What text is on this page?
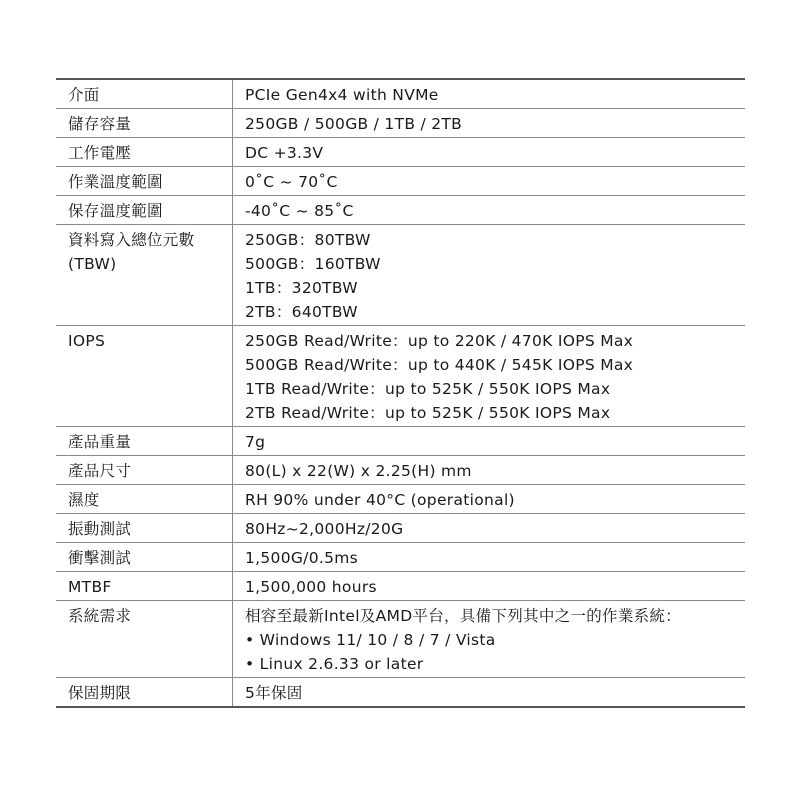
介面	PCIe Gen4x4 with NVMe

儲存容量	250GB / 500GB / 1TB / 2TB

工作電壓	DC +3.3V

作業溫度範圍	0˚C ~ 70˚C

保存溫度範圍	-40˚C ~ 85˚C

資料寫入總位元數
(TBW)	250GB：80TBW
500GB：160TBW
1TB：320TBW
2TB：640TBW

IOPS	250GB Read/Write：up to 220K / 470K IOPS Max
500GB Read/Write：up to 440K / 545K IOPS Max
1TB Read/Write：up to 525K / 550K IOPS Max
2TB Read/Write：up to 525K / 550K IOPS Max

產品重量	7g

產品尺寸	80(L) x 22(W) x 2.25(H) mm

濕度	RH 90% under 40°C (operational)

振動測試	80Hz~2,000Hz/20G

衝擊測試	1,500G/0.5ms

MTBF	1,500,000 hours

系統需求	相容至最新Intel及AMD平台，具備下列其中之一的作業系統：
• Windows 11/ 10 / 8 / 7 / Vista
• Linux 2.6.33 or later

保固期限	5年保固
